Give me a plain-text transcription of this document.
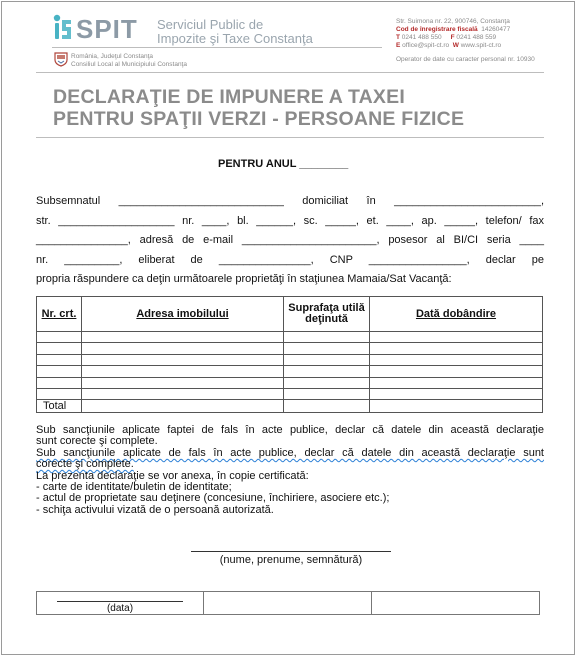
SPIT Serviciul Public de
Impozite şi Taxe Constanţa
România, Judeţul Constanţa
Consiliul Local al Municipiului Constanţa
Str. Suimona nr. 22, 900746, Constanţa
Cod de înregistrare fiscală 14260477
T 0241 488 550 F 0241 488 559
E office@spit-ct.ro W www.spit-ct.ro
Operator de date cu caracter personal nr. 10930
DECLARAŢIE DE IMPUNERE A TAXEI
PENTRU SPAŢII VERZI - PERSOANE FIZICE
PENTRU ANUL ________
Subsemnatul ___________________________ domiciliat în ________________________,
str. ___________________ nr. ____, bl. ______, sc. _____, et. ____, ap. _____, telefon/ fax
_______________, adresă de e-mail ______________________, posesor al BI/CI seria ____
nr. _________, eliberat de _______________, CNP ________________, declar pe
propria răspundere ca deţin următoarele proprietăţi în staţiunea Mamaia/Sat Vacanţă:
Nr. crt.	Adresa imobilului	Suprafaţa utilă deţinută	Dată dobândire

Total			
Sub sancţiunile aplicate faptei de fals în acte publice, declar că datele din această declaraţie
sunt corecte şi complete.
Sub sancţiunile aplicate de fals în acte publice, declar că datele din această declaraţie sunt
corecte şi complete.
La prezenta declaraţie se vor anexa, în copie certificată:
- carte de identitate/buletin de identitate;
- actul de proprietate sau deţinere (concesiune, închiriere, asociere etc.);
- schiţa activului vizată de o persoană autorizată.
(nume, prenume, semnătură)
(data)
